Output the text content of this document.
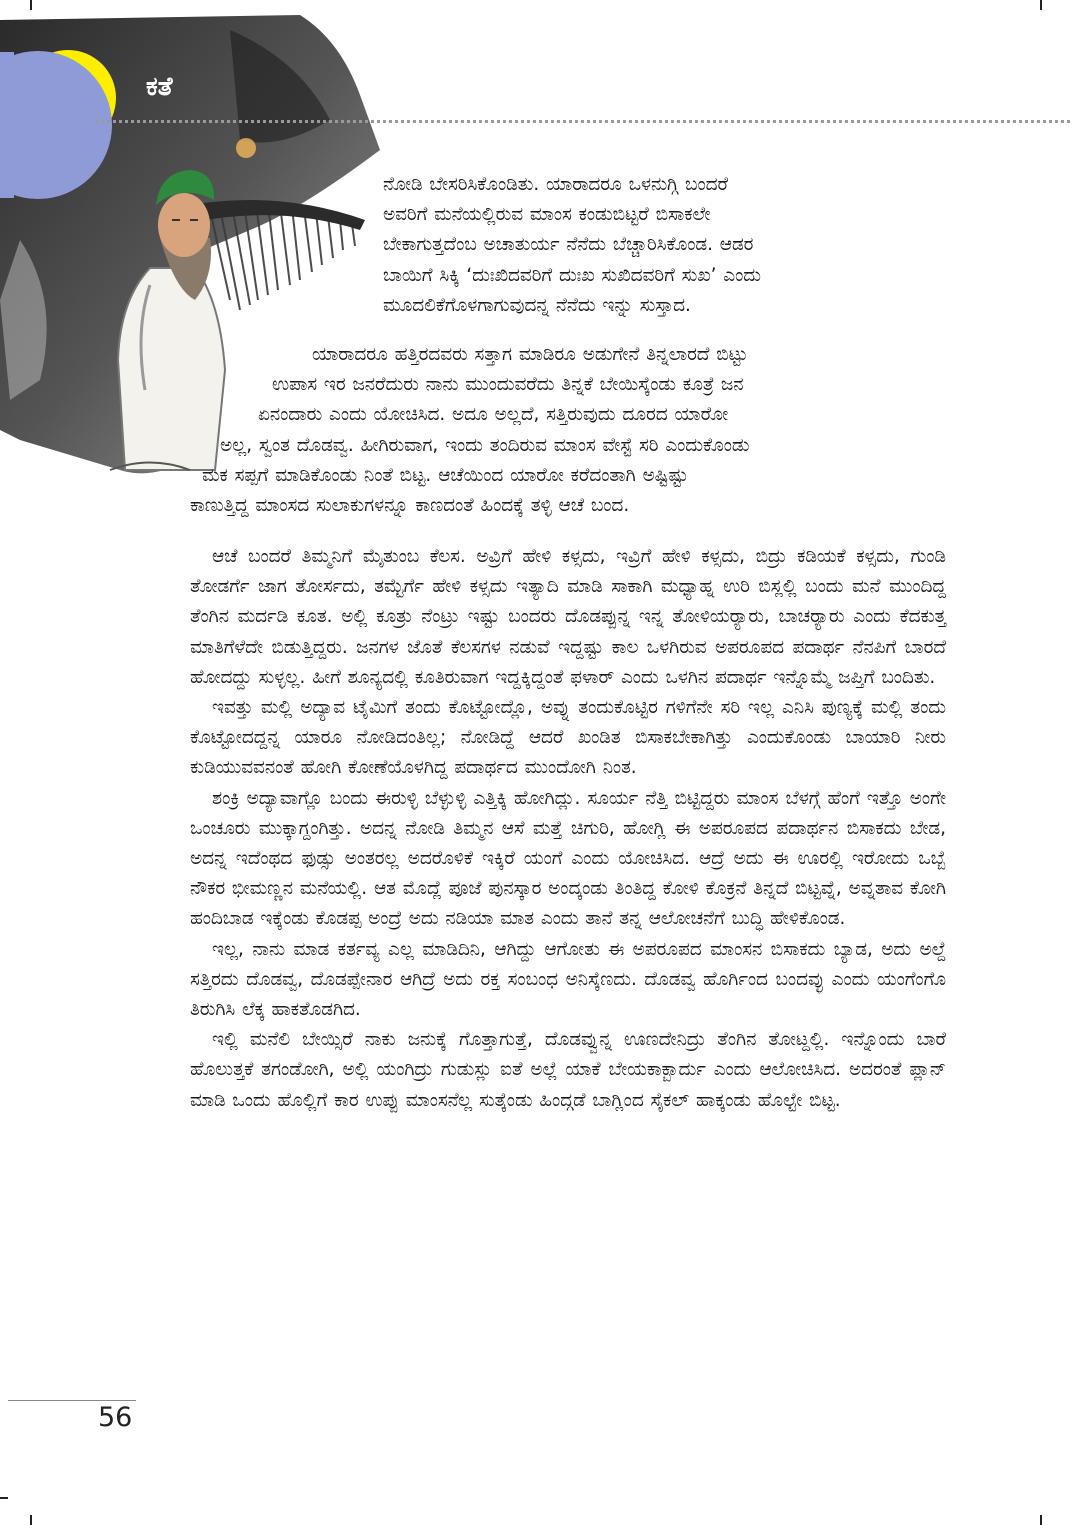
ಕತೆ
ನೋಡಿ ಬೇಸರಿಸಿಕೊಂಡಿತು. ಯಾರಾದರೂ ಒಳನುಗ್ಗಿ ಬಂದರೆ
ಅವರಿಗೆ ಮನೆಯಲ್ಲಿರುವ ಮಾಂಸ ಕಂಡುಬಿಟ್ಟರೆ ಬಿಸಾಕಲೇ
ಬೇಕಾಗುತ್ತದೆಂಬ ಅಚಾತುರ್ಯ ನೆನೆದು ಬೆಚ್ಚಾರಿಸಿಕೊಂಡ. ಆಡರ
ಬಾಯಿಗೆ ಸಿಕ್ಕಿ ‘ದುಃಖಿದವರಿಗೆ ದುಃಖ ಸುಖಿದವರಿಗೆ ಸುಖ’ ಎಂದು
ಮೂದಲಿಕೆಗೊಳಗಾಗುವುದನ್ನ ನೆನೆದು ಇನ್ನು ಸುಸ್ತಾದ.
ಯಾರಾದರೂ ಹತ್ತಿರದವರು ಸತ್ತಾಗ ಮಾಡಿರೂ ಅಡುಗೇನೆ ತಿನ್ನಲಾರದೆ ಬಿಟ್ಟು
ಉಪಾಸ ಇರ ಜನರೆದುರು ನಾನು ಮುಂದುವರೆದು ತಿನ್ನಕೆ ಬೇಯಿಸ್ಕೆಂಡು ಕೂತ್ರೆ ಜನ
ಏನಂದಾರು ಎಂದು ಯೋಚಿಸಿದ. ಅದೂ ಅಲ್ಲದೆ, ಸತ್ತಿರುವುದು ದೂರದ ಯಾರೋ
ಅಲ್ಲ, ಸ್ವಂತ ದೊಡವ್ವ. ಹೀಗಿರುವಾಗ, ಇಂದು ತಂದಿರುವ ಮಾಂಸ ವೇಸ್ಟೆ ಸರಿ ಎಂದುಕೊಂಡು
ಮಕ ಸಪ್ಪಗೆ ಮಾಡಿಕೊಂಡು ನಿಂತೆ ಬಿಟ್ಟ. ಆಚೆಯಿಂದ ಯಾರೋ ಕರೆದಂತಾಗಿ ಅಷ್ಟಿಷ್ಟು
ಕಾಣುತ್ತಿದ್ದ ಮಾಂಸದ ಸುಲಾಕುಗಳನ್ನೂ ಕಾಣದಂತೆ ಹಿಂದಕ್ಕೆ ತಳ್ಳಿ ಆಚೆ ಬಂದ.

ಆಚೆ ಬಂದರೆ ತಿಮ್ಮನಿಗೆ ಮೈತುಂಬ ಕೆಲಸ. ಅವ್ರಿಗೆ ಹೇಳಿ ಕಳ್ಸದು, ಇವ್ರಿಗೆ ಹೇಳಿ ಕಳ್ಸದು, ಬಿದ್ರು ಕಡಿಯಕೆ ಕಳ್ಸದು, ಗುಂಡಿ ತೋಡರ್ಗೆ ಜಾಗ ತೋರ್ಸದು, ತಮ್ಟೆರ್ಗೆ ಹೇಳಿ ಕಳ್ಸದು ಇತ್ಯಾದಿ ಮಾಡಿ ಸಾಕಾಗಿ ಮಧ್ಯಾಹ್ನ ಉರಿ ಬಿಸ್ಲಲ್ಲಿ ಬಂದು ಮನೆ ಮುಂದಿದ್ದ ತೆಂಗಿನ ಮರ್ದಡಿ ಕೂತ. ಅಲ್ಲಿ ಕೂತ್ರು ನೆಂಟ್ರು ಇಷ್ಟು ಬಂದರು ದೊಡಪ್ಪುನ್ನ ಇನ್ನ ತೋಳಿಯರ್‍ಯಾರು, ಬಾಚರ್‍ಯಾರು ಎಂದು ಕೆದಕುತ್ತ ಮಾತಿಗೆಳೆದೇ ಬಿಡುತ್ತಿದ್ದರು. ಜನಗಳ ಜೊತೆ ಕೆಲಸಗಳ ನಡುವೆ ಇದ್ದಷ್ಟು ಕಾಲ ಒಳಗಿರುವ ಅಪರೂಪದ ಪದಾರ್ಥ ನೆನಪಿಗೆ ಬಾರದೆ ಹೋದದ್ದು ಸುಳ್ಳಲ್ಲ. ಹೀಗೆ ಶೂನ್ಯದಲ್ಲಿ ಕೂತಿರುವಾಗ ಇದ್ದಕ್ಕಿದ್ದಂತೆ ಫಳಾರ್ ಎಂದು ಒಳಗಿನ ಪದಾರ್ಥ ಇನ್ನೊಮ್ಮೆ ಜಪ್ತಿಗೆ ಬಂದಿತು.

ಇವತ್ತು ಮಲ್ಲಿ ಅದ್ಯಾವ ಟೈಮಿಗೆ ತಂದು ಕೊಟ್ಟೋದ್ಲೊ, ಅವ್ನು ತಂದುಕೊಟ್ಟಿರ ಗಳಿಗೆನೇ ಸರಿ ಇಲ್ಲ ಎನಿಸಿ ಪುಣ್ಯಕ್ಕೆ ಮಲ್ಲಿ ತಂದು ಕೊಟ್ಟೋದದ್ದನ್ನ ಯಾರೂ ನೋಡಿದಂತಿಲ್ಲ; ನೋಡಿದ್ದೆ ಆದರೆ ಖಂಡಿತ ಬಿಸಾಕಬೇಕಾಗಿತ್ತು ಎಂದುಕೊಂಡು ಬಾಯಾರಿ ನೀರು ಕುಡಿಯುವವನಂತೆ ಹೋಗಿ ಕೋಣೆಯೊಳಗಿದ್ದ ಪದಾರ್ಥದ ಮುಂದೋಗಿ ನಿಂತ.

ಶಂಕ್ರಿ ಅದ್ಯಾವಾಗ್ಲೊ ಬಂದು ಈರುಳ್ಳಿ ಬೆಳ್ಳುಳ್ಳಿ ಎತ್ತಿಕ್ಕಿ ಹೋಗಿದ್ಲು. ಸೂರ್ಯ ನೆತ್ತಿ ಬಿಟ್ಟಿದ್ದರು ಮಾಂಸ ಬೆಳಗ್ಗೆ ಹೆಂಗೆ ಇತ್ತೊ ಅಂಗೇ ಒಂಚೂರು ಮುಕ್ಕಾಗ್ದಂಗಿತ್ತು. ಅದನ್ನ ನೋಡಿ ತಿಮ್ಮನ ಆಸೆ ಮತ್ತೆ ಚಿಗುರಿ, ಹೋಗ್ಲಿ ಈ ಅಪರೂಪದ ಪದಾರ್ಥನ ಬಿಸಾಕದು ಬೇಡ, ಅದನ್ನ ಇದೆಂಥದ ಫುಡ್ಸು ಅಂತರಲ್ಲ ಅದರೊಳಿಕೆ ಇಕ್ಕಿರೆ ಯಂಗೆ ಎಂದು ಯೋಚಿಸಿದ. ಆದ್ರೆ ಅದು ಈ ಊರಲ್ಲಿ ಇರೋದು ಒಬ್ಬೆ ನೌಕರ ಭೀಮಣ್ಣನ ಮನೆಯಲ್ಲಿ. ಆತ ಮೊದ್ಲೆ ಪೂಜೆ ಪುನಸ್ಕಾರ ಅಂದ್ಕಂಡು ತಿಂತಿದ್ದ ಕೋಳಿ ಕೊಕ್ರನೆ ತಿನ್ನದೆ ಬಿಟ್ಟವ್ನೆ, ಅವ್ನತಾವ ಕೋಗಿ ಹಂದಿಬಾಡ ಇಕ್ಕೆಂಡು ಕೊಡಪ್ಪ ಅಂದ್ರೆ ಅದು ನಡಿಯಾ ಮಾತ ಎಂದು ತಾನೆ ತನ್ನ ಆಲೋಚನೆಗೆ ಬುದ್ಧಿ ಹೇಳಿಕೊಂಡ.

ಇಲ್ಲ, ನಾನು ಮಾಡ ಕರ್ತವ್ಯ ಎಲ್ಲ ಮಾಡಿದಿನಿ, ಆಗಿದ್ದು ಆಗೋತು ಈ ಅಪರೂಪದ ಮಾಂಸನ ಬಿಸಾಕದು ಬ್ಯಾಡ, ಅದು ಅಲ್ದೆ ಸತ್ತಿರದು ದೊಡವ್ವ, ದೊಡಪ್ಪೇನಾರ ಆಗಿದ್ರೆ ಅದು ರಕ್ತ ಸಂಬಂಧ ಅನಿಸ್ಕೆಣದು. ದೊಡವ್ವ ಹೊರ್ಗಿಂದ ಬಂದವ್ಳು ಎಂದು ಯಂಗೆಂಗೊ ತಿರುಗಿಸಿ ಲೆಕ್ಕ ಹಾಕತೊಡಗಿದ.

ಇಲ್ಲಿ ಮನೆಲಿ ಬೇಯ್ಸಿರೆ ನಾಕು ಜನುಕ್ಕೆ ಗೊತ್ತಾಗುತ್ತೆ, ದೊಡವ್ವುನ್ನ ಊಣದೇನಿದ್ರು ತೆಂಗಿನ ತೋಟ್ದಲ್ಲಿ. ಇನ್ನೊಂದು ಬಾರೆ ಹೊಲುತ್ತಕೆ ತಗಂಡೋಗಿ, ಅಲ್ಲಿ ಯಂಗಿದ್ರು ಗುಡುಸ್ಲು ಐತೆ ಅಲ್ಲೆ ಯಾಕೆ ಬೇಯಕಾಕ್ಬಾರ್ದು ಎಂದು ಆಲೋಚಿಸಿದ. ಅದರಂತೆ ಪ್ಲಾನ್ ಮಾಡಿ ಒಂದು ಹೊಲ್ಲಿಗೆ ಕಾರ ಉಪ್ಪು ಮಾಂಸನೆಲ್ಲ ಸುತ್ಕೆಂಡು ಹಿಂದ್ಗಡೆ ಬಾಗ್ಲಿಂದ ಸೈಕಲ್ ಹಾಕ್ಕಂಡು ಹೊಲ್ಟೇ ಬಿಟ್ಟ.

56
